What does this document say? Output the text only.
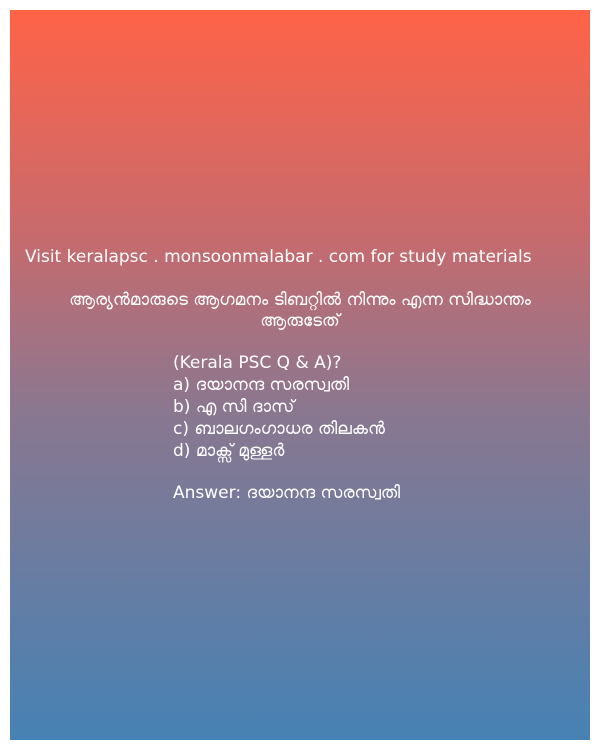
Visit keralapsc . monsoonmalabar . com for study materials
ആര്യൻമാരുടെ ആഗമനം ടിബറ്റിൽ നിന്നും എന്ന സിദ്ധാന്തം
ആരുടേത്
(Kerala PSC Q & A)?
a) ദയാനന്ദ സരസ്വതി
b) എ സി ദാസ്
c) ബാലഗംഗാധര തിലകൻ
d) മാക്സ് മുള്ളർ
Answer: ദയാനന്ദ സരസ്വതി
